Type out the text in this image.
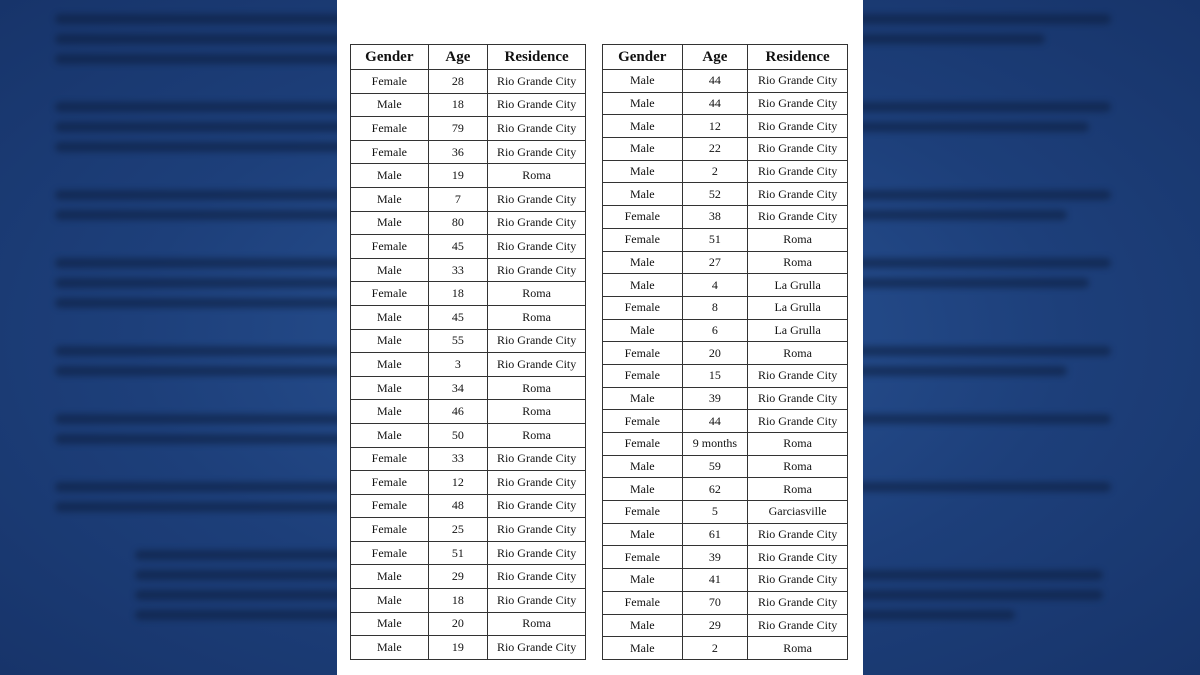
Gender	Age	Residence
Female	28	Rio Grande City
Male	18	Rio Grande City
Female	79	Rio Grande City
Female	36	Rio Grande City
Male	19	Roma
Male	7	Rio Grande City
Male	80	Rio Grande City
Female	45	Rio Grande City
Male	33	Rio Grande City
Female	18	Roma
Male	45	Roma
Male	55	Rio Grande City
Male	3	Rio Grande City
Male	34	Roma
Male	46	Roma
Male	50	Roma
Female	33	Rio Grande City
Female	12	Rio Grande City
Female	48	Rio Grande City
Female	25	Rio Grande City
Female	51	Rio Grande City
Male	29	Rio Grande City
Male	18	Rio Grande City
Male	20	Roma
Male	19	Rio Grande City
Gender	Age	Residence
Male	44	Rio Grande City
Male	44	Rio Grande City
Male	12	Rio Grande City
Male	22	Rio Grande City
Male	2	Rio Grande City
Male	52	Rio Grande City
Female	38	Rio Grande City
Female	51	Roma
Male	27	Roma
Male	4	La Grulla
Female	8	La Grulla
Male	6	La Grulla
Female	20	Roma
Female	15	Rio Grande City
Male	39	Rio Grande City
Female	44	Rio Grande City
Female	9 months	Roma
Male	59	Roma
Male	62	Roma
Female	5	Garciasville
Male	61	Rio Grande City
Female	39	Rio Grande City
Male	41	Rio Grande City
Female	70	Rio Grande City
Male	29	Rio Grande City
Male	2	Roma
